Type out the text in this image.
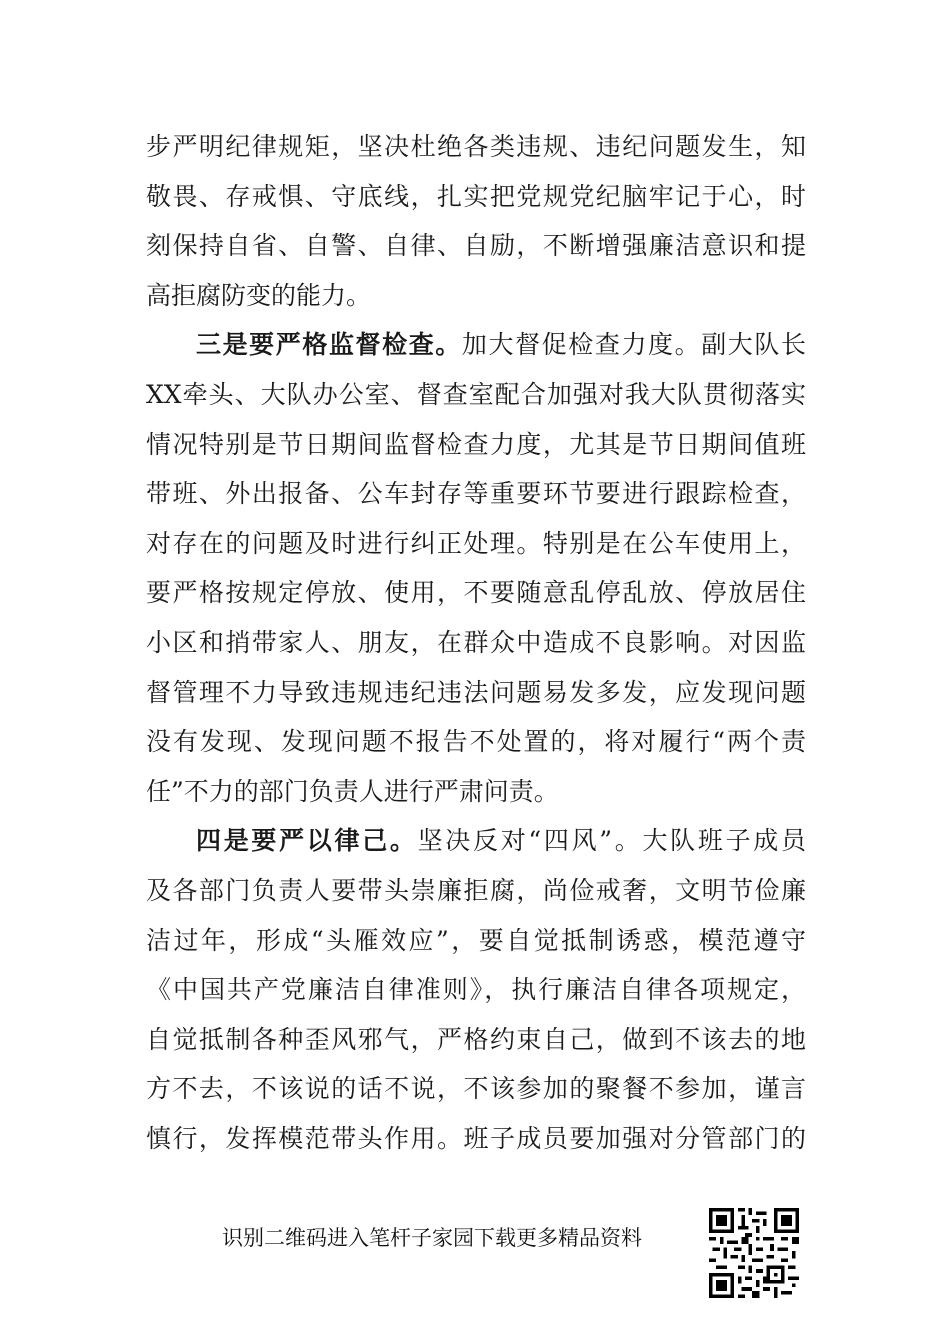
步严明纪律规矩，坚决杜绝各类违规、违纪问题发生，知
敬畏、存戒惧、守底线，扎实把党规党纪脑牢记于心，时
刻保持自省、自警、自律、自励，不断增强廉洁意识和提
高拒腐防变的能力。
三是要严格监督检查。加大督促检查力度。副大队长
XX牵头、大队办公室、督查室配合加强对我大队贯彻落实
情况特别是节日期间监督检查力度，尤其是节日期间值班
带班、外出报备、公车封存等重要环节要进行跟踪检查，
对存在的问题及时进行纠正处理。特别是在公车使用上，
要严格按规定停放、使用，不要随意乱停乱放、停放居住
小区和捎带家人、朋友，在群众中造成不良影响。对因监
督管理不力导致违规违纪违法问题易发多发，应发现问题
没有发现、发现问题不报告不处置的，将对履行“两个责
任”不力的部门负责人进行严肃问责。
四是要严以律己。坚决反对“四风”。大队班子成员
及各部门负责人要带头崇廉拒腐，尚俭戒奢，文明节俭廉
洁过年，形成“头雁效应”，要自觉抵制诱惑，模范遵守
《中国共产党廉洁自律准则》，执行廉洁自律各项规定，
自觉抵制各种歪风邪气，严格约束自己，做到不该去的地
方不去，不该说的话不说，不该参加的聚餐不参加，谨言
慎行，发挥模范带头作用。班子成员要加强对分管部门的
识别二维码进入笔杆子家园下载更多精品资料
